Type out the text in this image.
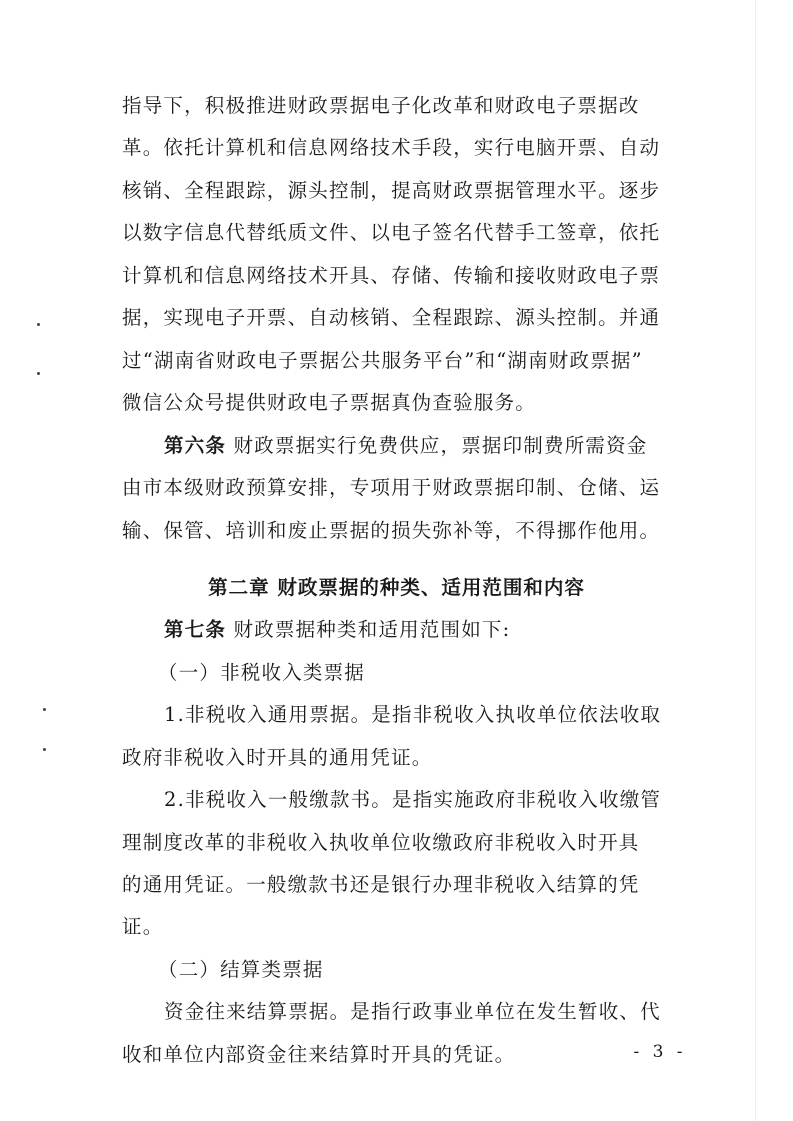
指导下，积极推进财政票据电子化改革和财政电子票据改
革。依托计算机和信息网络技术手段，实行电脑开票、自动
核销、全程跟踪，源头控制，提高财政票据管理水平。逐步
以数字信息代替纸质文件、以电子签名代替手工签章，依托
计算机和信息网络技术开具、存储、传输和接收财政电子票
据，实现电子开票、自动核销、全程跟踪、源头控制。并通
过“湖南省财政电子票据公共服务平台”和“湖南财政票据”
微信公众号提供财政电子票据真伪查验服务。
第六条 财政票据实行免费供应，票据印制费所需资金
由市本级财政预算安排，专项用于财政票据印制、仓储、运
输、保管、培训和废止票据的损失弥补等，不得挪作他用。
第二章 财政票据的种类、适用范围和内容
第七条 财政票据种类和适用范围如下:
（一）非税收入类票据
1.非税收入通用票据。是指非税收入执收单位依法收取
政府非税收入时开具的通用凭证。
2.非税收入一般缴款书。是指实施政府非税收入收缴管
理制度改革的非税收入执收单位收缴政府非税收入时开具
的通用凭证。一般缴款书还是银行办理非税收入结算的凭
证。
（二）结算类票据
资金往来结算票据。是指行政事业单位在发生暂收、代
收和单位内部资金往来结算时开具的凭证。	- 3 -
